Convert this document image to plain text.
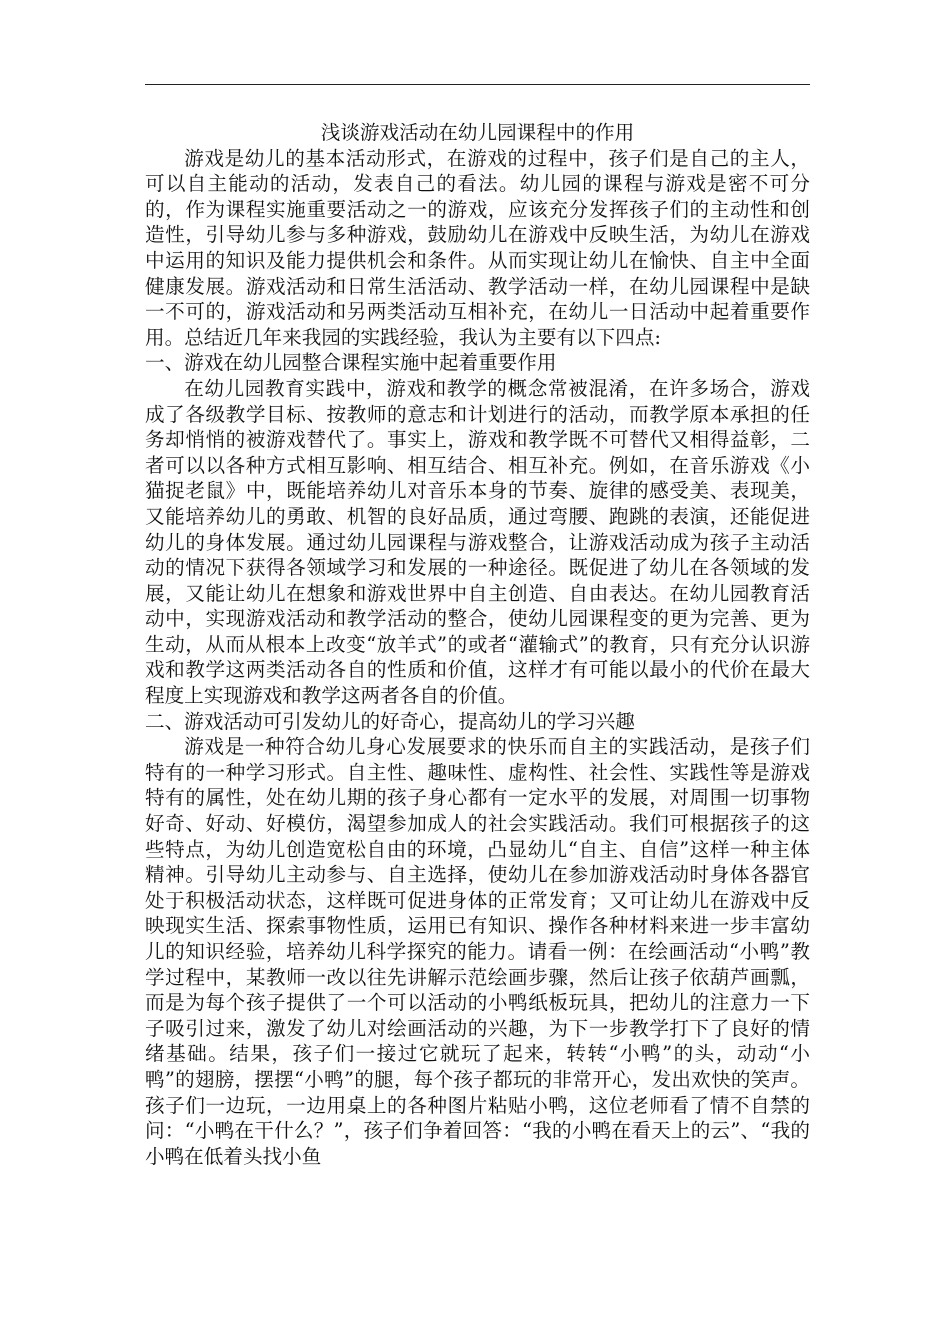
浅谈游戏活动在幼儿园课程中的作用

游戏是幼儿的基本活动形式，在游戏的过程中，孩子们是自己的主人，可以自主能动的活动，发表自己的看法。幼儿园的课程与游戏是密不可分的，作为课程实施重要活动之一的游戏，应该充分发挥孩子们的主动性和创造性，引导幼儿参与多种游戏，鼓励幼儿在游戏中反映生活，为幼儿在游戏中运用的知识及能力提供机会和条件。从而实现让幼儿在愉快、自主中全面健康发展。游戏活动和日常生活活动、教学活动一样，在幼儿园课程中是缺一不可的，游戏活动和另两类活动互相补充，在幼儿一日活动中起着重要作用。总结近几年来我园的实践经验，我认为主要有以下四点:

一、游戏在幼儿园整合课程实施中起着重要作用

在幼儿园教育实践中，游戏和教学的概念常被混淆，在许多场合，游戏成了各级教学目标、按教师的意志和计划进行的活动，而教学原本承担的任务却悄悄的被游戏替代了。事实上，游戏和教学既不可替代又相得益彰，二者可以以各种方式相互影响、相互结合、相互补充。例如，在音乐游戏《小猫捉老鼠》中，既能培养幼儿对音乐本身的节奏、旋律的感受美、表现美，又能培养幼儿的勇敢、机智的良好品质，通过弯腰、跑跳的表演，还能促进幼儿的身体发展。通过幼儿园课程与游戏整合，让游戏活动成为孩子主动活动的情况下获得各领域学习和发展的一种途径。既促进了幼儿在各领域的发展，又能让幼儿在想象和游戏世界中自主创造、自由表达。在幼儿园教育活动中，实现游戏活动和教学活动的整合，使幼儿园课程变的更为完善、更为生动，从而从根本上改变“放羊式”的或者“灌输式”的教育，只有充分认识游戏和教学这两类活动各自的性质和价值，这样才有可能以最小的代价在最大程度上实现游戏和教学这两者各自的价值。

二、游戏活动可引发幼儿的好奇心，提高幼儿的学习兴趣

游戏是一种符合幼儿身心发展要求的快乐而自主的实践活动，是孩子们特有的一种学习形式。自主性、趣味性、虚构性、社会性、实践性等是游戏特有的属性，处在幼儿期的孩子身心都有一定水平的发展，对周围一切事物好奇、好动、好模仿，渴望参加成人的社会实践活动。我们可根据孩子的这些特点，为幼儿创造宽松自由的环境，凸显幼儿“自主、自信”这样一种主体精神。引导幼儿主动参与、自主选择，使幼儿在参加游戏活动时身体各器官处于积极活动状态，这样既可促进身体的正常发育；又可让幼儿在游戏中反映现实生活、探索事物性质，运用已有知识、操作各种材料来进一步丰富幼儿的知识经验，培养幼儿科学探究的能力。请看一例：在绘画活动“小鸭”教学过程中，某教师一改以往先讲解示范绘画步骤，然后让孩子依葫芦画瓢，而是为每个孩子提供了一个可以活动的小鸭纸板玩具，把幼儿的注意力一下子吸引过来，激发了幼儿对绘画活动的兴趣，为下一步教学打下了良好的情绪基础。结果，孩子们一接过它就玩了起来，转转“小鸭”的头，动动“小鸭”的翅膀，摆摆“小鸭”的腿，每个孩子都玩的非常开心，发出欢快的笑声。孩子们一边玩，一边用桌上的各种图片粘贴小鸭，这位老师看了情不自禁的问：“小鸭在干什么？”，孩子们争着回答：“我的小鸭在看天上的云”、“我的小鸭在低着头找小鱼
